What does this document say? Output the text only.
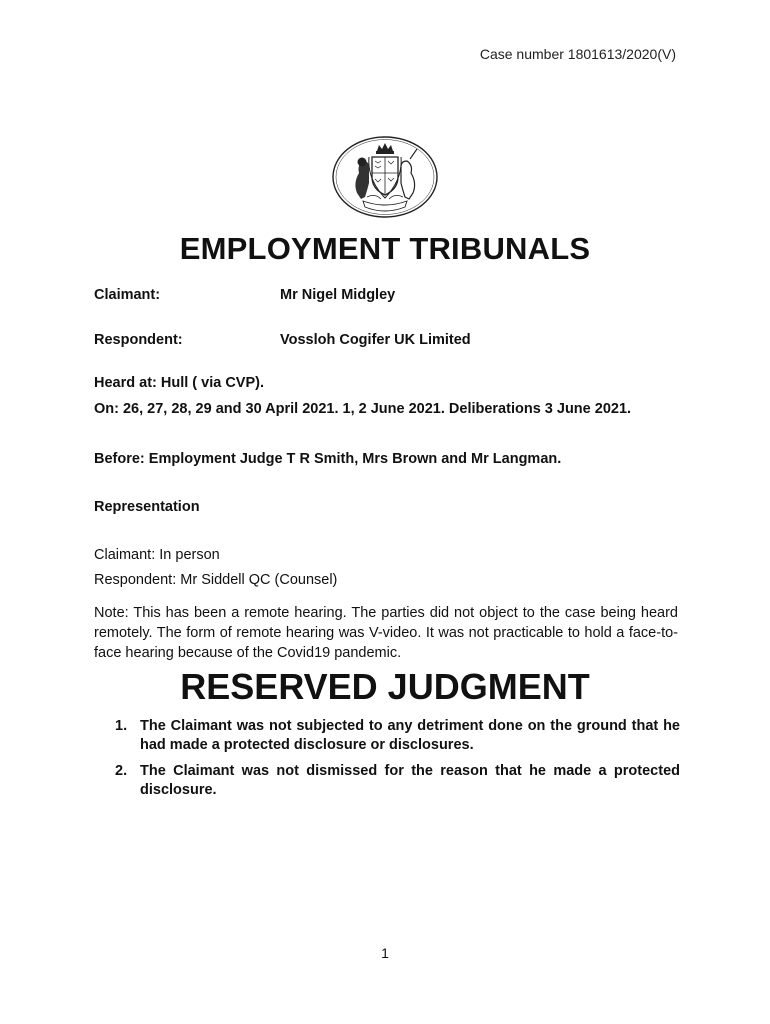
Case number 1801613/2020(V)
EMPLOYMENT TRIBUNALS
Claimant:	Mr Nigel Midgley
Respondent:	Vossloh Cogifer UK Limited
Heard at: Hull ( via CVP).
On: 26, 27, 28, 29 and 30 April 2021. 1, 2 June 2021. Deliberations 3 June 2021.
Before: Employment Judge T R Smith, Mrs Brown and Mr Langman.
Representation
Claimant: In person
Respondent: Mr Siddell QC (Counsel)
Note: This has been a remote hearing. The parties did not object to the case being heard remotely. The form of remote hearing was V-video. It was not practicable to hold a face-to-face hearing because of the Covid19 pandemic.
RESERVED JUDGMENT
1. The Claimant was not subjected to any detriment done on the ground that he had made a protected disclosure or disclosures.
2. The Claimant was not dismissed for the reason that he made a protected disclosure.
1
